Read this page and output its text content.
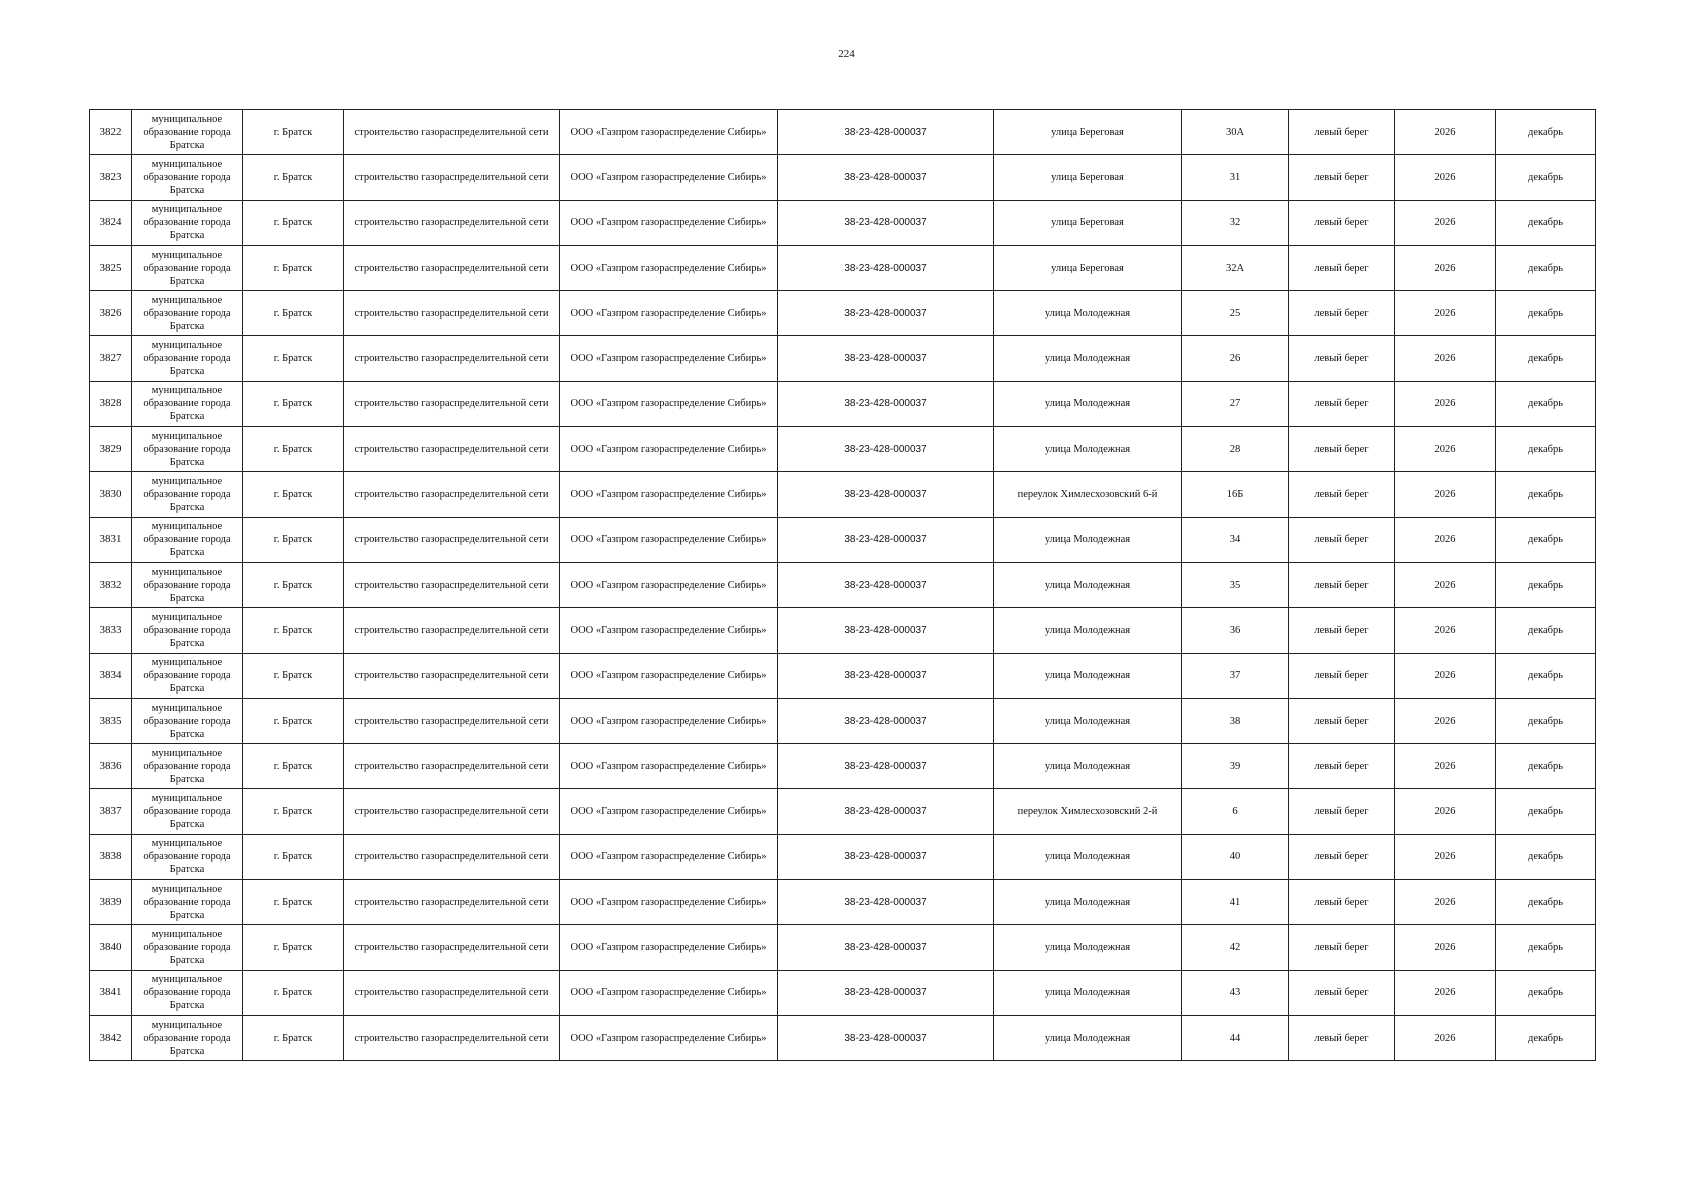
224
3822	муниципальное образование города Братска	г. Братск	строительство газораспределительной сети	ООО «Газпром газораспределение Сибирь»	38-23-428-000037	улица Береговая	30А	левый берег	2026	декабрь
3823	муниципальное образование города Братска	г. Братск	строительство газораспределительной сети	ООО «Газпром газораспределение Сибирь»	38-23-428-000037	улица Береговая	31	левый берег	2026	декабрь
3824	муниципальное образование города Братска	г. Братск	строительство газораспределительной сети	ООО «Газпром газораспределение Сибирь»	38-23-428-000037	улица Береговая	32	левый берег	2026	декабрь
3825	муниципальное образование города Братска	г. Братск	строительство газораспределительной сети	ООО «Газпром газораспределение Сибирь»	38-23-428-000037	улица Береговая	32А	левый берег	2026	декабрь
3826	муниципальное образование города Братска	г. Братск	строительство газораспределительной сети	ООО «Газпром газораспределение Сибирь»	38-23-428-000037	улица Молодежная	25	левый берег	2026	декабрь
3827	муниципальное образование города Братска	г. Братск	строительство газораспределительной сети	ООО «Газпром газораспределение Сибирь»	38-23-428-000037	улица Молодежная	26	левый берег	2026	декабрь
3828	муниципальное образование города Братска	г. Братск	строительство газораспределительной сети	ООО «Газпром газораспределение Сибирь»	38-23-428-000037	улица Молодежная	27	левый берег	2026	декабрь
3829	муниципальное образование города Братска	г. Братск	строительство газораспределительной сети	ООО «Газпром газораспределение Сибирь»	38-23-428-000037	улица Молодежная	28	левый берег	2026	декабрь
3830	муниципальное образование города Братска	г. Братск	строительство газораспределительной сети	ООО «Газпром газораспределение Сибирь»	38-23-428-000037	переулок Химлесхозовский 6-й	16Б	левый берег	2026	декабрь
3831	муниципальное образование города Братска	г. Братск	строительство газораспределительной сети	ООО «Газпром газораспределение Сибирь»	38-23-428-000037	улица Молодежная	34	левый берег	2026	декабрь
3832	муниципальное образование города Братска	г. Братск	строительство газораспределительной сети	ООО «Газпром газораспределение Сибирь»	38-23-428-000037	улица Молодежная	35	левый берег	2026	декабрь
3833	муниципальное образование города Братска	г. Братск	строительство газораспределительной сети	ООО «Газпром газораспределение Сибирь»	38-23-428-000037	улица Молодежная	36	левый берег	2026	декабрь
3834	муниципальное образование города Братска	г. Братск	строительство газораспределительной сети	ООО «Газпром газораспределение Сибирь»	38-23-428-000037	улица Молодежная	37	левый берег	2026	декабрь
3835	муниципальное образование города Братска	г. Братск	строительство газораспределительной сети	ООО «Газпром газораспределение Сибирь»	38-23-428-000037	улица Молодежная	38	левый берег	2026	декабрь
3836	муниципальное образование города Братска	г. Братск	строительство газораспределительной сети	ООО «Газпром газораспределение Сибирь»	38-23-428-000037	улица Молодежная	39	левый берег	2026	декабрь
3837	муниципальное образование города Братска	г. Братск	строительство газораспределительной сети	ООО «Газпром газораспределение Сибирь»	38-23-428-000037	переулок Химлесхозовский 2-й	6	левый берег	2026	декабрь
3838	муниципальное образование города Братска	г. Братск	строительство газораспределительной сети	ООО «Газпром газораспределение Сибирь»	38-23-428-000037	улица Молодежная	40	левый берег	2026	декабрь
3839	муниципальное образование города Братска	г. Братск	строительство газораспределительной сети	ООО «Газпром газораспределение Сибирь»	38-23-428-000037	улица Молодежная	41	левый берег	2026	декабрь
3840	муниципальное образование города Братска	г. Братск	строительство газораспределительной сети	ООО «Газпром газораспределение Сибирь»	38-23-428-000037	улица Молодежная	42	левый берег	2026	декабрь
3841	муниципальное образование города Братска	г. Братск	строительство газораспределительной сети	ООО «Газпром газораспределение Сибирь»	38-23-428-000037	улица Молодежная	43	левый берег	2026	декабрь
3842	муниципальное образование города Братска	г. Братск	строительство газораспределительной сети	ООО «Газпром газораспределение Сибирь»	38-23-428-000037	улица Молодежная	44	левый берег	2026	декабрь
